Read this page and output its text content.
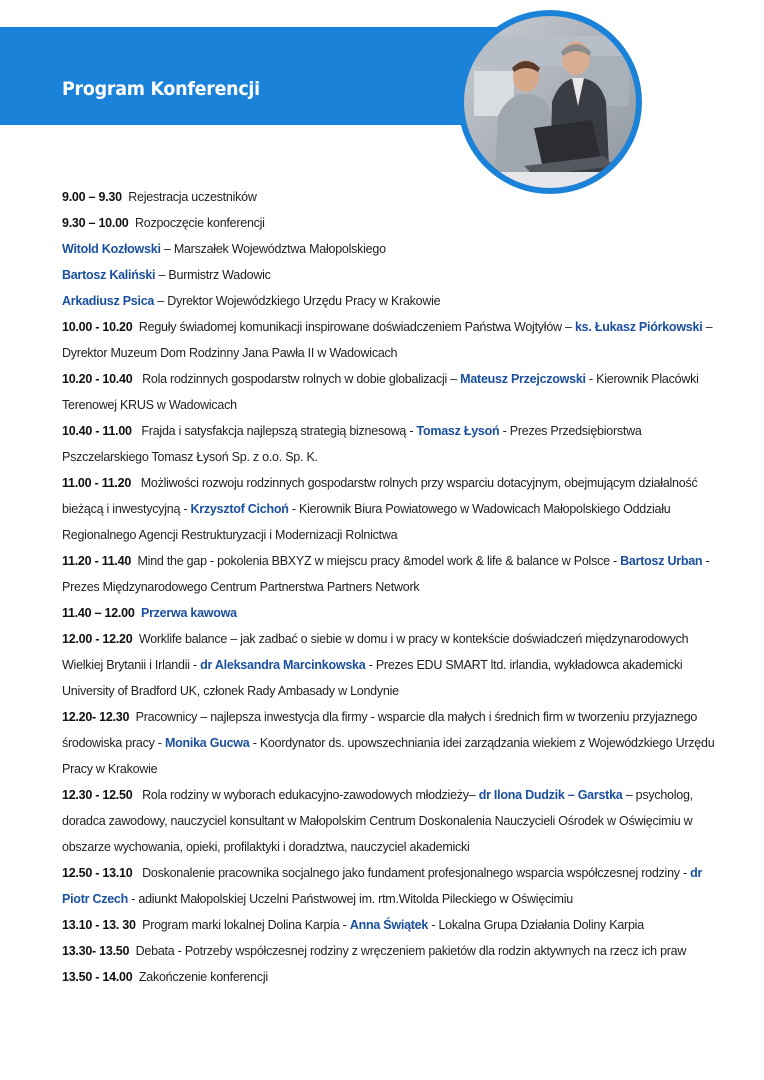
Program Konferencji

9.00 – 9.30 Rejestracja uczestników

9.30 – 10.00 Rozpoczęcie konferencji

Witold Kozłowski – Marszałek Województwa Małopolskiego

Bartosz Kaliński – Burmistrz Wadowic

Arkadiusz Psica – Dyrektor Wojewódzkiego Urzędu Pracy w Krakowie

10.00 - 10.20 Reguły świadomej komunikacji inspirowane doświadczeniem Państwa Wojtyłów – ks. Łukasz Piórkowski – Dyrektor Muzeum Dom Rodzinny Jana Pawła II w Wadowicach

10.20 - 10.40   Rola rodzinnych gospodarstw rolnych w dobie globalizacji – Mateusz Przejczowski - Kierownik Placówki Terenowej KRUS w Wadowicach

10.40 - 11.00   Frajda i satysfakcja najlepszą strategią biznesową - Tomasz Łysoń - Prezes Przedsiębiorstwa Pszczelarskiego Tomasz Łysoń Sp. z o.o. Sp. K.

11.00 - 11.20   Możliwości rozwoju rodzinnych gospodarstw rolnych przy wsparciu dotacyjnym, obejmującym działalność bieżącą i inwestycyjną - Krzysztof Cichoń - Kierownik Biura Powiatowego w Wadowicach Małopolskiego Oddziału Regionalnego Agencji Restrukturyzacji i Modernizacji Rolnictwa

11.20 - 11.40 Mind the gap - pokolenia BBXYZ w miejscu pracy &model work & life & balance w Polsce - Bartosz Urban - Prezes Międzynarodowego Centrum Partnerstwa Partners Network

11.40 – 12.00 Przerwa kawowa

12.00 - 12.20 Worklife balance – jak zadbać o siebie w domu i w pracy w kontekście doświadczeń międzynarodowych Wielkiej Brytanii i Irlandii - dr Aleksandra Marcinkowska - Prezes EDU SMART ltd. irlandia, wykładowca akademicki University of Bradford UK, członek Rady Ambasady w Londynie

12.20- 12.30 Pracownicy – najlepsza inwestycja dla firmy - wsparcie dla małych i średnich firm w tworzeniu przyjaznego środowiska pracy - Monika Gucwa - Koordynator ds. upowszechniania idei zarządzania wiekiem z Wojewódzkiego Urzędu Pracy w Krakowie

12.30 - 12.50   Rola rodziny w wyborach edukacyjno-zawodowych młodzieży– dr Ilona Dudzik – Garstka – psycholog, doradca zawodowy, nauczyciel konsultant w Małopolskim Centrum Doskonalenia Nauczycieli Ośrodek w Oświęcimiu w obszarze wychowania, opieki, profilaktyki i doradztwa, nauczyciel akademicki

12.50 - 13.10   Doskonalenie pracownika socjalnego jako fundament profesjonalnego wsparcia współczesnej rodziny - dr Piotr Czech - adiunkt Małopolskiej Uczelni Państwowej im. rtm.Witolda Pileckiego w Oświęcimiu

13.10 - 13. 30 Program marki lokalnej Dolina Karpia - Anna Świątek - Lokalna Grupa Działania Doliny Karpia

13.30- 13.50 Debata - Potrzeby współczesnej rodziny z wręczeniem pakietów dla rodzin aktywnych na rzecz ich praw

13.50 - 14.00 Zakończenie konferencji
